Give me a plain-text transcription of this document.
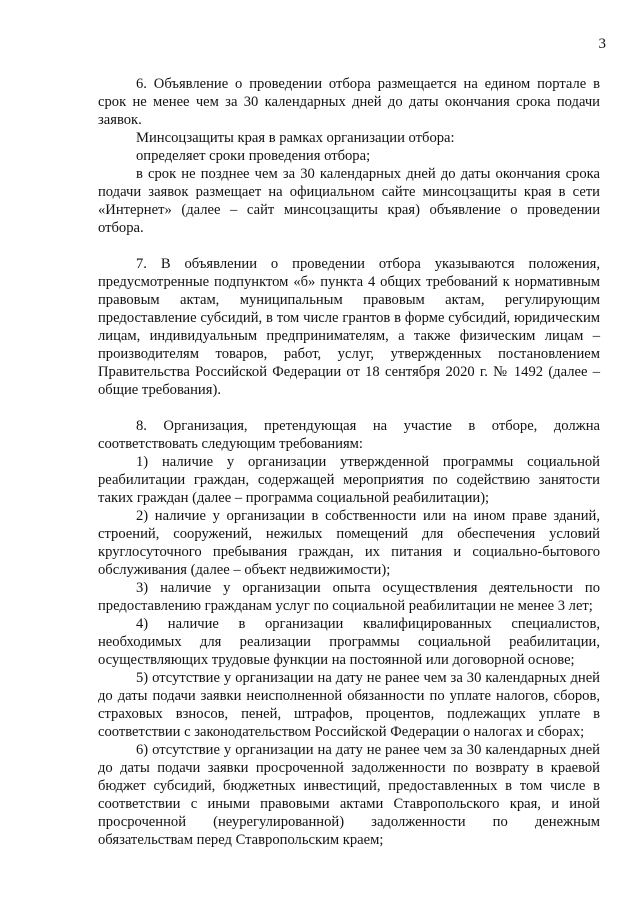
3

6. Объявление о проведении отбора размещается на едином портале в срок не менее чем за 30 календарных дней до даты окончания срока подачи заявок.

Минсоцзащиты края в рамках организации отбора:

определяет сроки проведения отбора;

в срок не позднее чем за 30 календарных дней до даты окончания срока подачи заявок размещает на официальном сайте минсоцзащиты края в сети «Интернет» (далее – сайт минсоцзащиты края) объявление о проведении отбора.

7. В объявлении о проведении отбора указываются положения, предусмотренные подпунктом «б» пункта 4 общих требований к нормативным правовым актам, муниципальным правовым актам, регулирующим предоставление субсидий, в том числе грантов в форме субсидий, юридическим лицам, индивидуальным предпринимателям, а также физическим лицам – производителям товаров, работ, услуг, утвержденных постановлением Правительства Российской Федерации от 18 сентября 2020 г. № 1492 (далее – общие требования).

8. Организация, претендующая на участие в отборе, должна соответствовать следующим требованиям:

1) наличие у организации утвержденной программы социальной реабилитации граждан, содержащей мероприятия по содействию занятости таких граждан (далее – программа социальной реабилитации);

2) наличие у организации в собственности или на ином праве зданий, строений, сооружений, нежилых помещений для обеспечения условий круглосуточного пребывания граждан, их питания и социально-бытового обслуживания (далее – объект недвижимости);

3) наличие у организации опыта осуществления деятельности по предоставлению гражданам услуг по социальной реабилитации не менее 3 лет;

4) наличие в организации квалифицированных специалистов, необходимых для реализации программы социальной реабилитации, осуществляющих трудовые функции на постоянной или договорной основе;

5) отсутствие у организации на дату не ранее чем за 30 календарных дней до даты подачи заявки неисполненной обязанности по уплате налогов, сборов, страховых взносов, пеней, штрафов, процентов, подлежащих уплате в соответствии с законодательством Российской Федерации о налогах и сборах;

6) отсутствие у организации на дату не ранее чем за 30 календарных дней до даты подачи заявки просроченной задолженности по возврату в краевой бюджет субсидий, бюджетных инвестиций, предоставленных в том числе в соответствии с иными правовыми актами Ставропольского края, и иной просроченной (неурегулированной) задолженности по денежным обязательствам перед Ставропольским краем;
